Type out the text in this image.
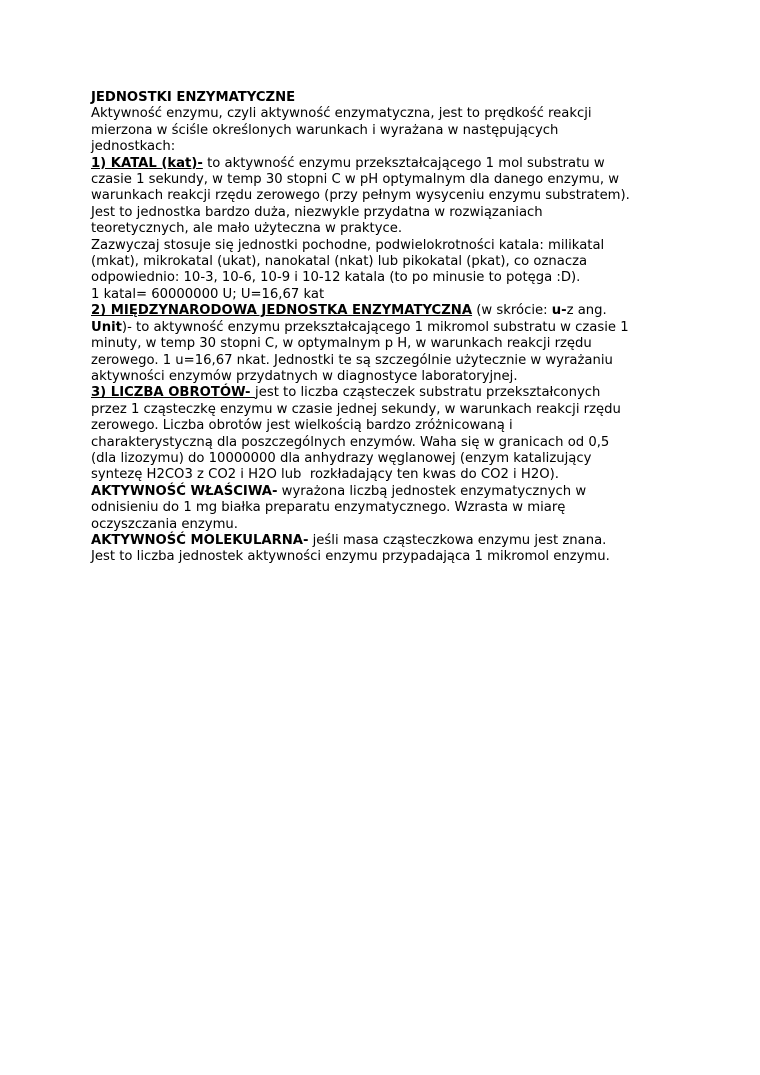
JEDNOSTKI ENZYMATYCZNE
Aktywność enzymu, czyli aktywność enzymatyczna, jest to prędkość reakcji
mierzona w ściśle określonych warunkach i wyrażana w następujących
jednostkach:
1) KATAL (kat)- to aktywność enzymu przekształcającego 1 mol substratu w
czasie 1 sekundy, w temp 30 stopni C w pH optymalnym dla danego enzymu, w
warunkach reakcji rzędu zerowego (przy pełnym wysyceniu enzymu substratem).
Jest to jednostka bardzo duża, niezwykle przydatna w rozwiązaniach
teoretycznych, ale mało użyteczna w praktyce.
Zazwyczaj stosuje się jednostki pochodne, podwielokrotności katala: milikatal
(mkat), mikrokatal (ukat), nanokatal (nkat) lub pikokatal (pkat), co oznacza
odpowiednio: 10-3, 10-6, 10-9 i 10-12 katala (to po minusie to potęga :D).
1 katal= 60000000 U; U=16,67 kat
2) MIĘDZYNARODOWA JEDNOSTKA ENZYMATYCZNA (w skrócie: u-z ang.
Unit)- to aktywność enzymu przekształcającego 1 mikromol substratu w czasie 1
minuty, w temp 30 stopni C, w optymalnym p H, w warunkach reakcji rzędu
zerowego. 1 u=16,67 nkat. Jednostki te są szczególnie użytecznie w wyrażaniu
aktywności enzymów przydatnych w diagnostyce laboratoryjnej.
3) LICZBA OBROTÓW- jest to liczba cząsteczek substratu przekształconych
przez 1 cząsteczkę enzymu w czasie jednej sekundy, w warunkach reakcji rzędu
zerowego. Liczba obrotów jest wielkością bardzo zróżnicowaną i
charakterystyczną dla poszczególnych enzymów. Waha się w granicach od 0,5
(dla lizozymu) do 10000000 dla anhydrazy węglanowej (enzym katalizujący
syntezę H2CO3 z CO2 i H2O lub  rozkładający ten kwas do CO2 i H2O).
AKTYWNOŚĆ WŁAŚCIWA- wyrażona liczbą jednostek enzymatycznych w
odnisieniu do 1 mg białka preparatu enzymatycznego. Wzrasta w miarę
oczyszczania enzymu.
AKTYWNOŚĆ MOLEKULARNA- jeśli masa cząsteczkowa enzymu jest znana.
Jest to liczba jednostek aktywności enzymu przypadająca 1 mikromol enzymu.
